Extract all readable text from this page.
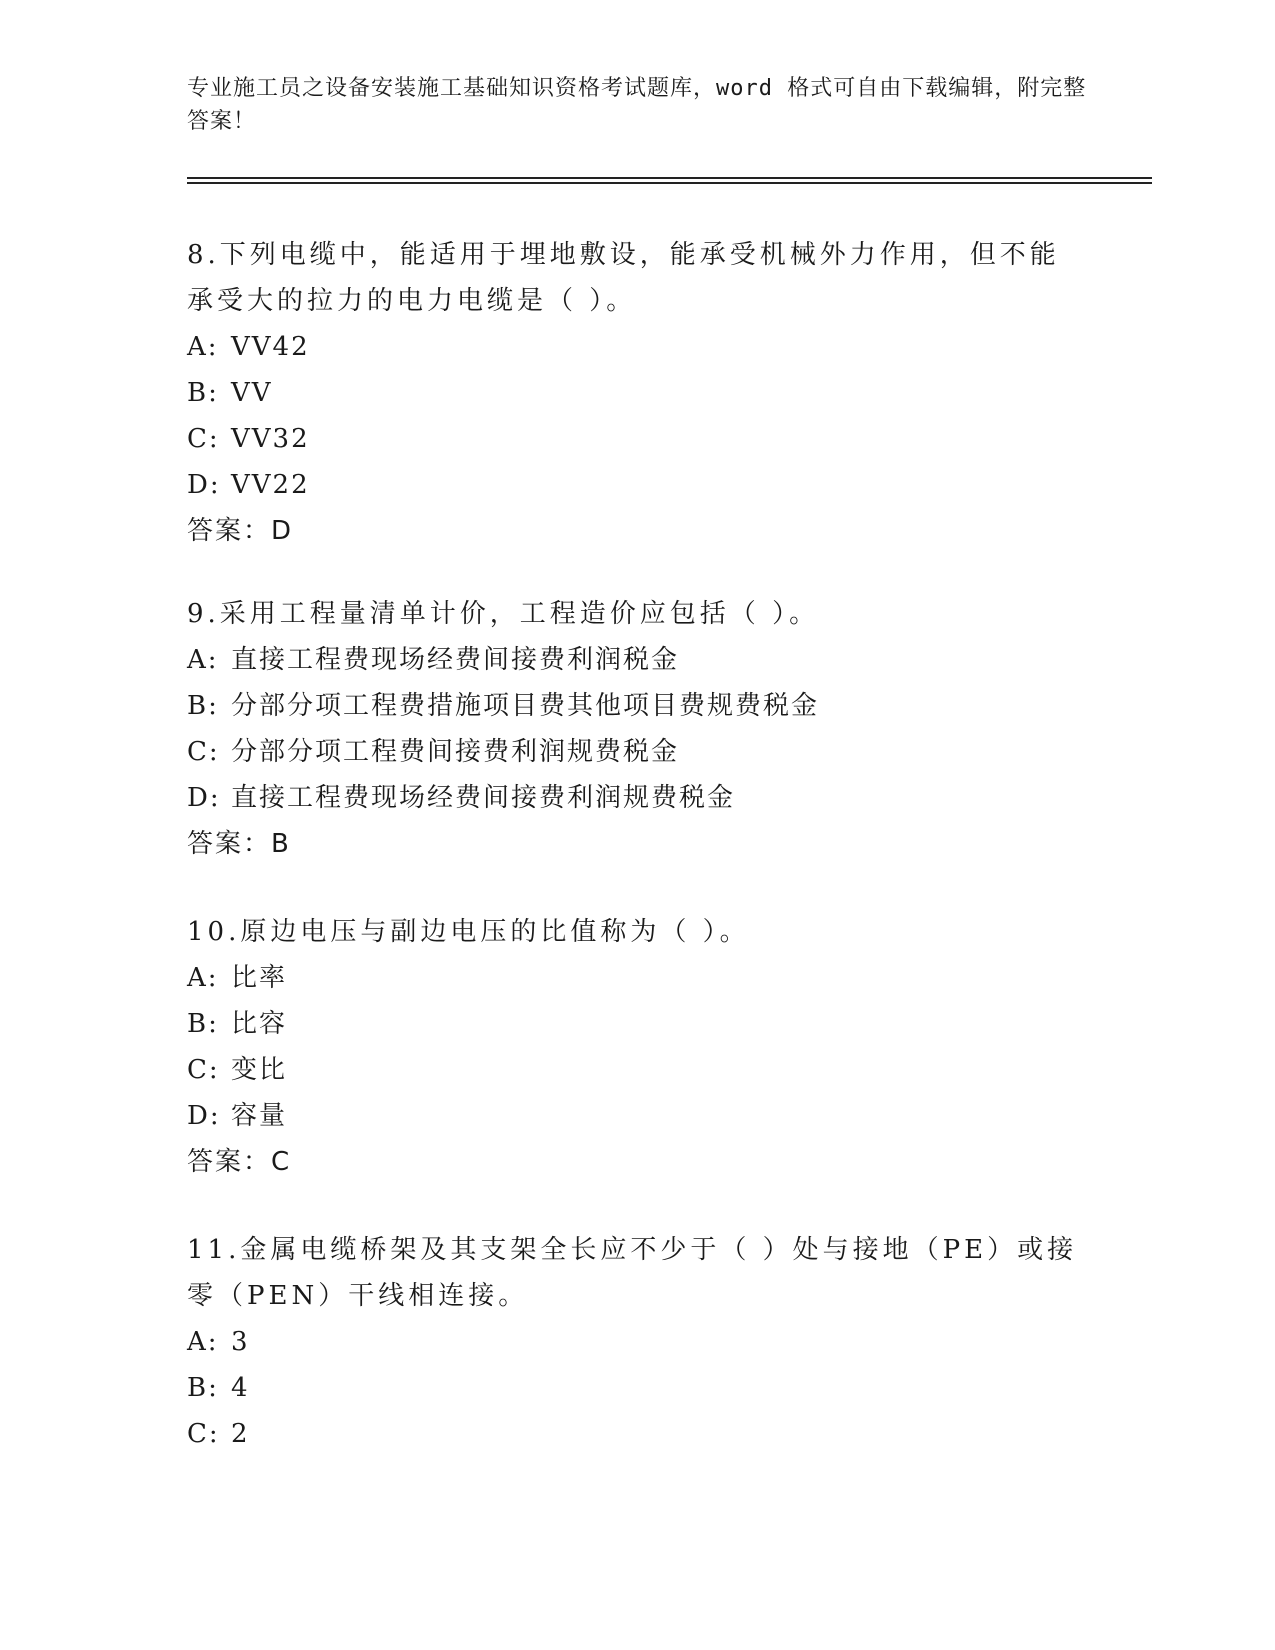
专业施工员之设备安装施工基础知识资格考试题库，word 格式可自由下载编辑，附完整答案！

8.下列电缆中，能适用于埋地敷设，能承受机械外力作用，但不能承受大的拉力的电力电缆是（ ）。

A: VV42

B: VV

C: VV32

D: VV22

答案：D

9.采用工程量清单计价，工程造价应包括（ ）。

A: 直接工程费现场经费间接费利润税金

B: 分部分项工程费措施项目费其他项目费规费税金

C: 分部分项工程费间接费利润规费税金

D: 直接工程费现场经费间接费利润规费税金

答案：B

10.原边电压与副边电压的比值称为（ ）。

A: 比率

B: 比容

C: 变比

D: 容量

答案：C

11.金属电缆桥架及其支架全长应不少于（ ）处与接地（PE）或接零（PEN）干线相连接。

A: 3

B: 4

C: 2
